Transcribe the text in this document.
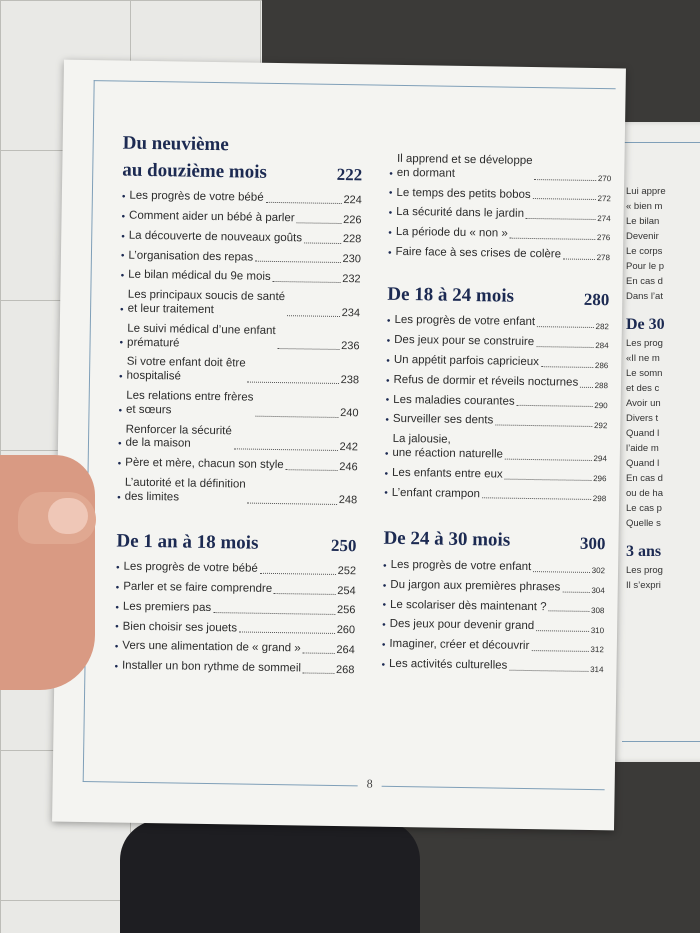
Lui appre
« bien m
Le bilan
Devenir
Le corps
Pour le p
En cas d
Dans l’at
De 30
Les prog
«Il ne m
Le somn
et des c
Avoir un
Divers t
Quand l
l’aide m
Quand l
En cas d
ou de ha
Le cas p
Quelle s
3 ans
Les prog
Il s’expri
8
Du neuvième
au douzième mois	222
• Les progrès de votre bébé	224
• Comment aider un bébé à parler	226
• La découverte de nouveaux goûts	228
• L’organisation des repas	230
• Le bilan médical du 9e mois	232
•
Les principaux soucis de santé
et leur traitement	234
•
Le suivi médical d’une enfant
prématuré	236
•
Si votre enfant doit être
hospitalisé	238
•
Les relations entre frères
et sœurs	240
•
Renforcer la sécurité
de la maison	242
• Père et mère, chacun son style	246
•
L’autorité et la définition
des limites	248
De 1 an à 18 mois	250
• Les progrès de votre bébé	252
• Parler et se faire comprendre	254
• Les premiers pas	256
• Bien choisir ses jouets	260
• Vers une alimentation de « grand »	264
• Installer un bon rythme de sommeil	268
•
Il apprend et se développe
en dormant	270
• Le temps des petits bobos	272
• La sécurité dans le jardin	274
• La période du « non »	276
• Faire face à ses crises de colère	278
De 18 à 24 mois	280
• Les progrès de votre enfant	282
• Des jeux pour se construire	284
• Un appétit parfois capricieux	286
• Refus de dormir et réveils nocturnes 288
• Les maladies courantes	290
• Surveiller ses dents	292
•
La jalousie,
une réaction naturelle	294
• Les enfants entre eux	296
• L’enfant crampon	298
De 24 à 30 mois	300
• Les progrès de votre enfant	302
• Du jargon aux premières phrases	304
• Le scolariser dès maintenant ?	308
• Des jeux pour devenir grand	310
• Imaginer, créer et découvrir	312
• Les activités culturelles	314
